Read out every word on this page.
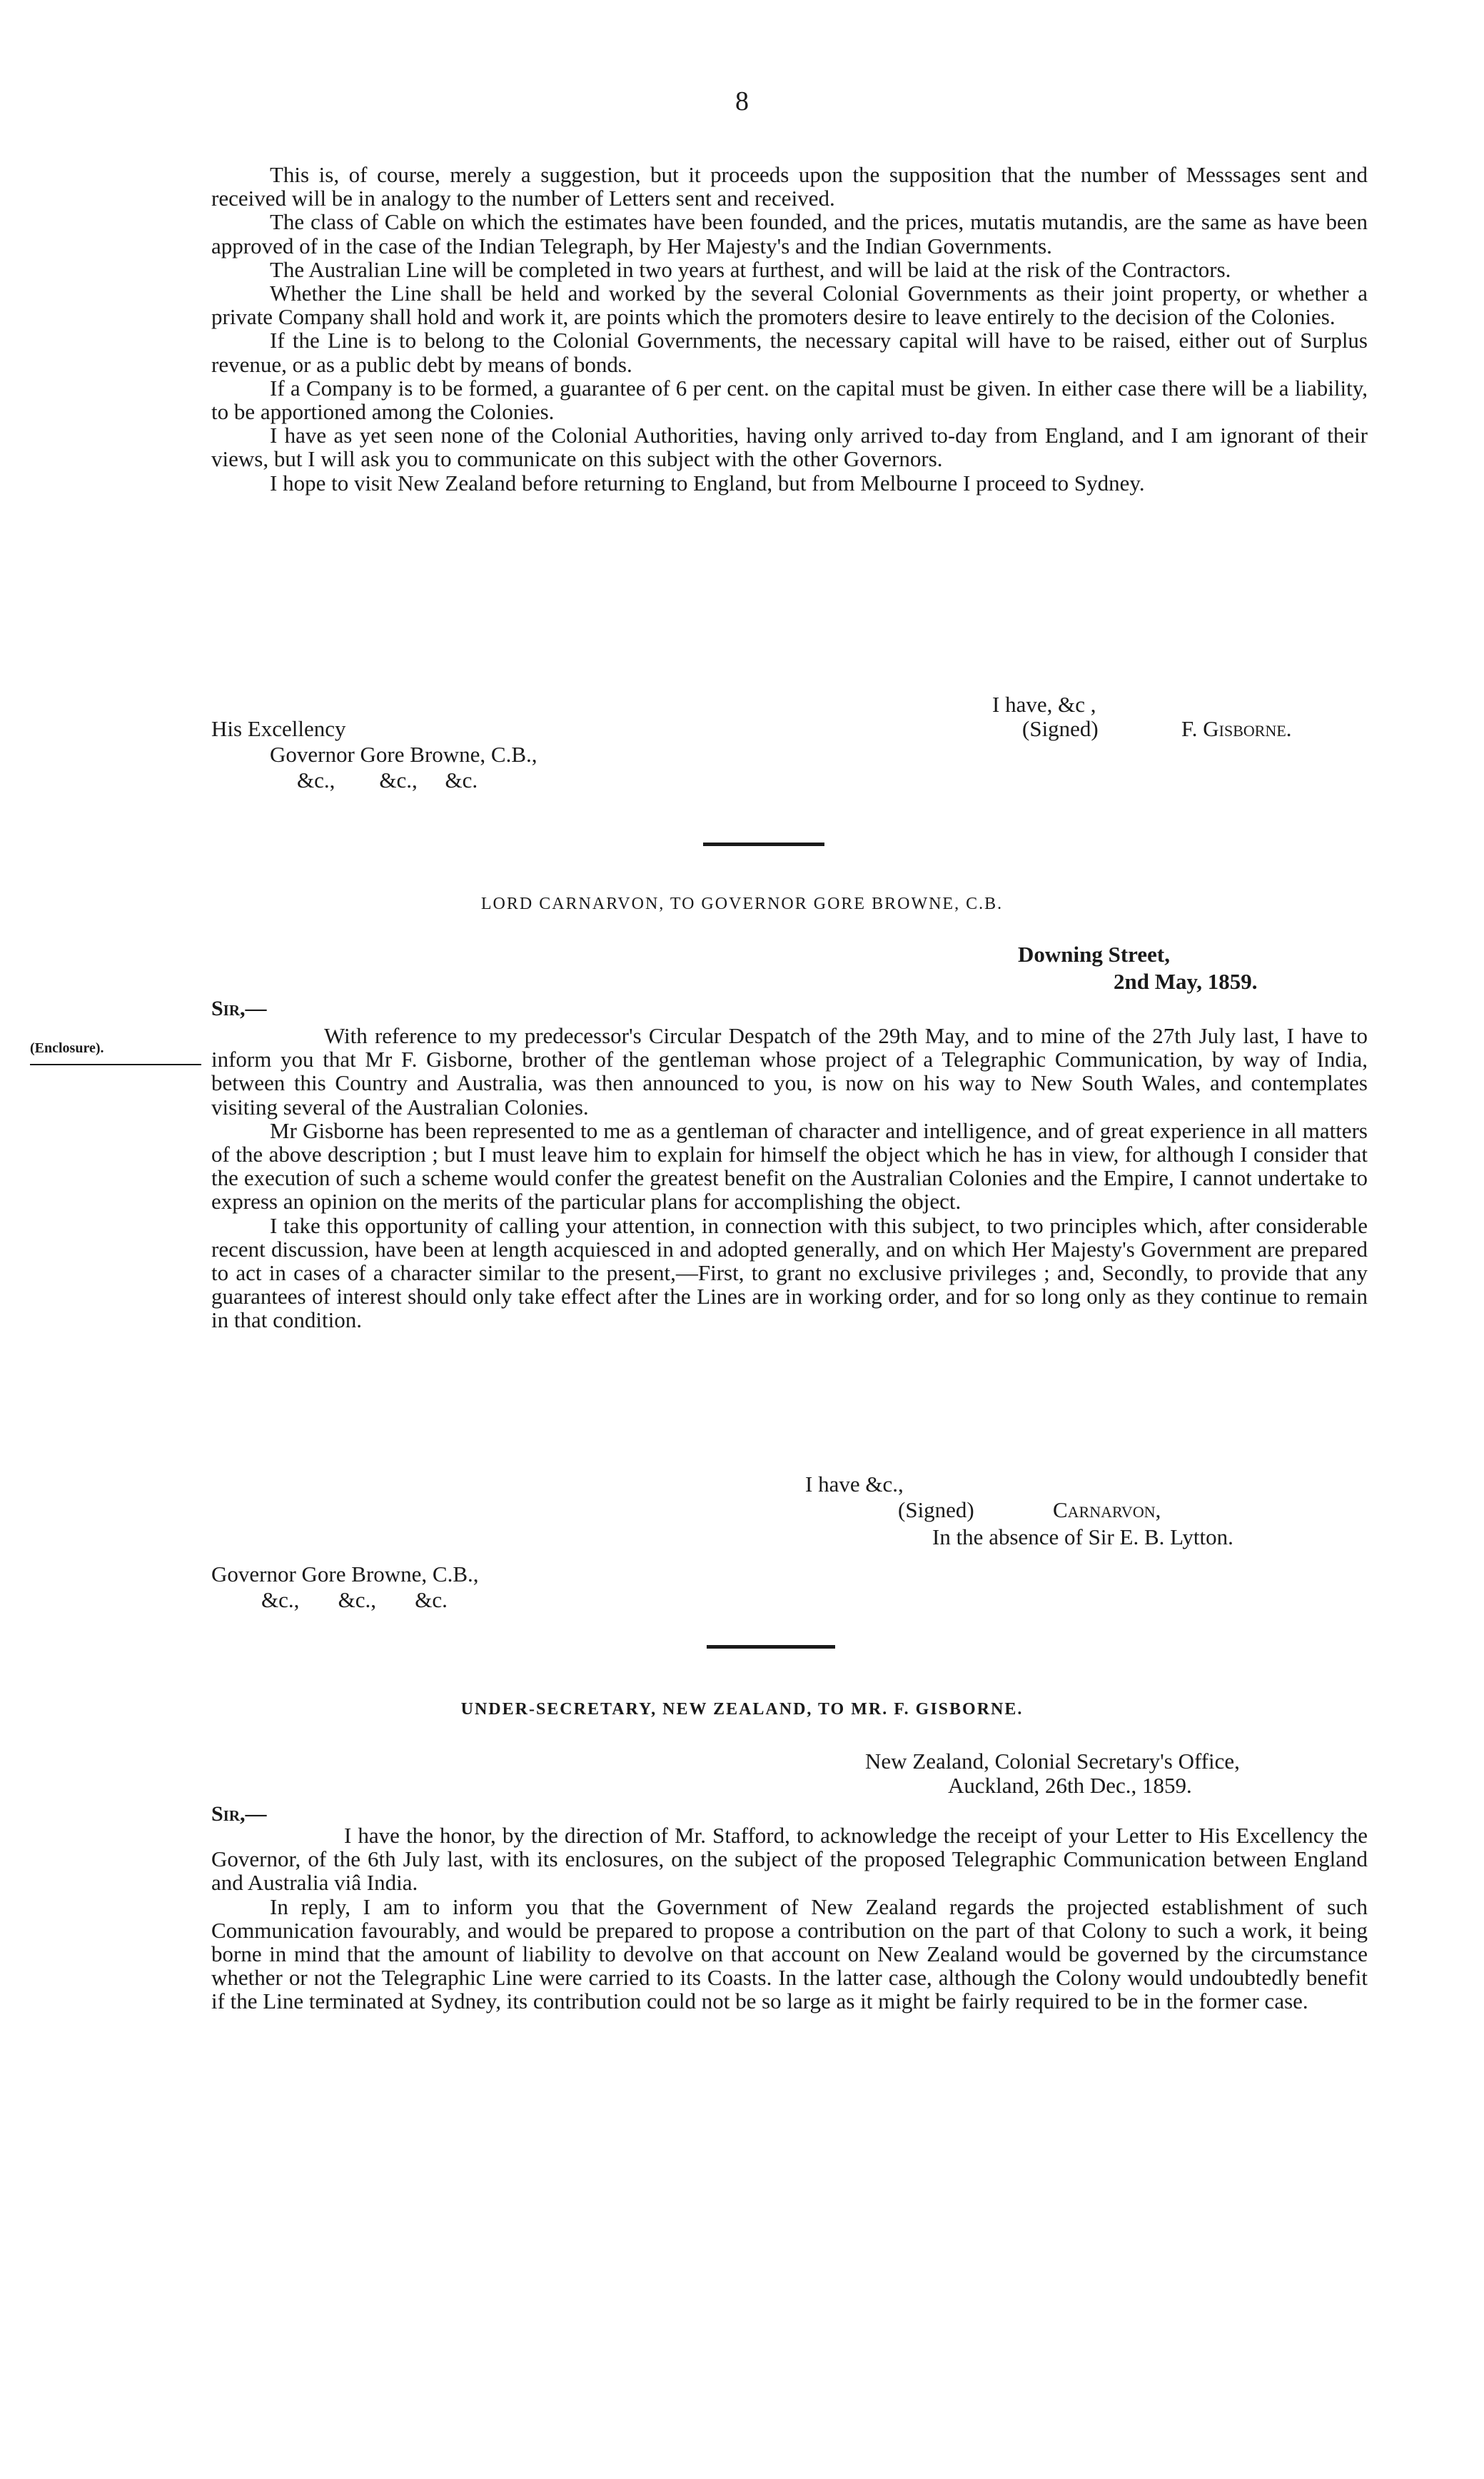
8

This is, of course, merely a suggestion, but it proceeds upon the supposition that the number of Messsages sent and received will be in analogy to the number of Letters sent and received.

The class of Cable on which the estimates have been founded, and the prices, mutatis mutandis, are the same as have been approved of in the case of the Indian Telegraph, by Her Majesty's and the Indian Governments.

The Australian Line will be completed in two years at furthest, and will be laid at the risk of the Contractors.

Whether the Line shall be held and worked by the several Colonial Governments as their joint property, or whether a private Company shall hold and work it, are points which the promoters desire to leave entirely to the decision of the Colonies.

If the Line is to belong to the Colonial Governments, the necessary capital will have to be raised, either out of Surplus revenue, or as a public debt by means of bonds.

If a Company is to be formed, a guarantee of 6 per cent. on the capital must be given. In either case there will be a liability, to be apportioned among the Colonies.

I have as yet seen none of the Colonial Authorities, having only arrived to-day from England, and I am ignorant of their views, but I will ask you to communicate on this subject with the other Governors.

I hope to visit New Zealand before returning to England, but from Melbourne I proceed to Sydney.

I have, &c ,
(Signed)	F. Gisborne.
His Excellency
Governor Gore Browne, C.B.,
&c.,        &c.,     &c.
LORD CARNARVON, TO GOVERNOR GORE BROWNE, C.B.
Downing Street,
2nd May, 1859.
Sir,—
(Enclosure).	With reference to my predecessor's Circular Despatch of the 29th May, and to mine of the 27th July last, I have to inform you that Mr F. Gisborne, brother of the gentleman whose project of a Telegraphic Communication, by way of India, between this Country and Australia, was then announced to you, is now on his way to New South Wales, and contemplates visiting several of the Australian Colonies.

Mr Gisborne has been represented to me as a gentleman of character and intelligence, and of great experience in all matters of the above description ; but I must leave him to explain for himself the object which he has in view, for although I consider that the execution of such a scheme would confer the greatest benefit on the Australian Colonies and the Empire, I cannot undertake to express an opinion on the merits of the particular plans for accomplishing the object.

I take this opportunity of calling your attention, in connection with this subject, to two principles which, after considerable recent discussion, have been at length acquiesced in and adopted generally, and on which Her Majesty's Government are prepared to act in cases of a character similar to the present,—First, to grant no exclusive privileges ; and, Secondly, to provide that any guarantees of interest should only take effect after the Lines are in working order, and for so long only as they continue to remain in that condition.

I have &c.,
(Signed)	Carnarvon,
In the absence of Sir E. B. Lytton.
Governor Gore Browne, C.B.,
&c.,       &c.,       &c.
UNDER-SECRETARY, NEW ZEALAND, TO MR. F. GISBORNE.
New Zealand, Colonial Secretary's Office,
Auckland, 26th Dec., 1859.
Sir,—

I have the honor, by the direction of Mr. Stafford, to acknowledge the receipt of your Letter to His Excellency the Governor, of the 6th July last, with its enclosures, on the subject of the proposed Telegraphic Communication between England and Australia viâ India.

In reply, I am to inform you that the Government of New Zealand regards the projected establishment of such Communication favourably, and would be prepared to propose a contribution on the part of that Colony to such a work, it being borne in mind that the amount of liability to devolve on that account on New Zealand would be governed by the circumstance whether or not the Telegraphic Line were carried to its Coasts. In the latter case, although the Colony would undoubtedly benefit if the Line terminated at Sydney, its contribution could not be so large as it might be fairly required to be in the former case.
